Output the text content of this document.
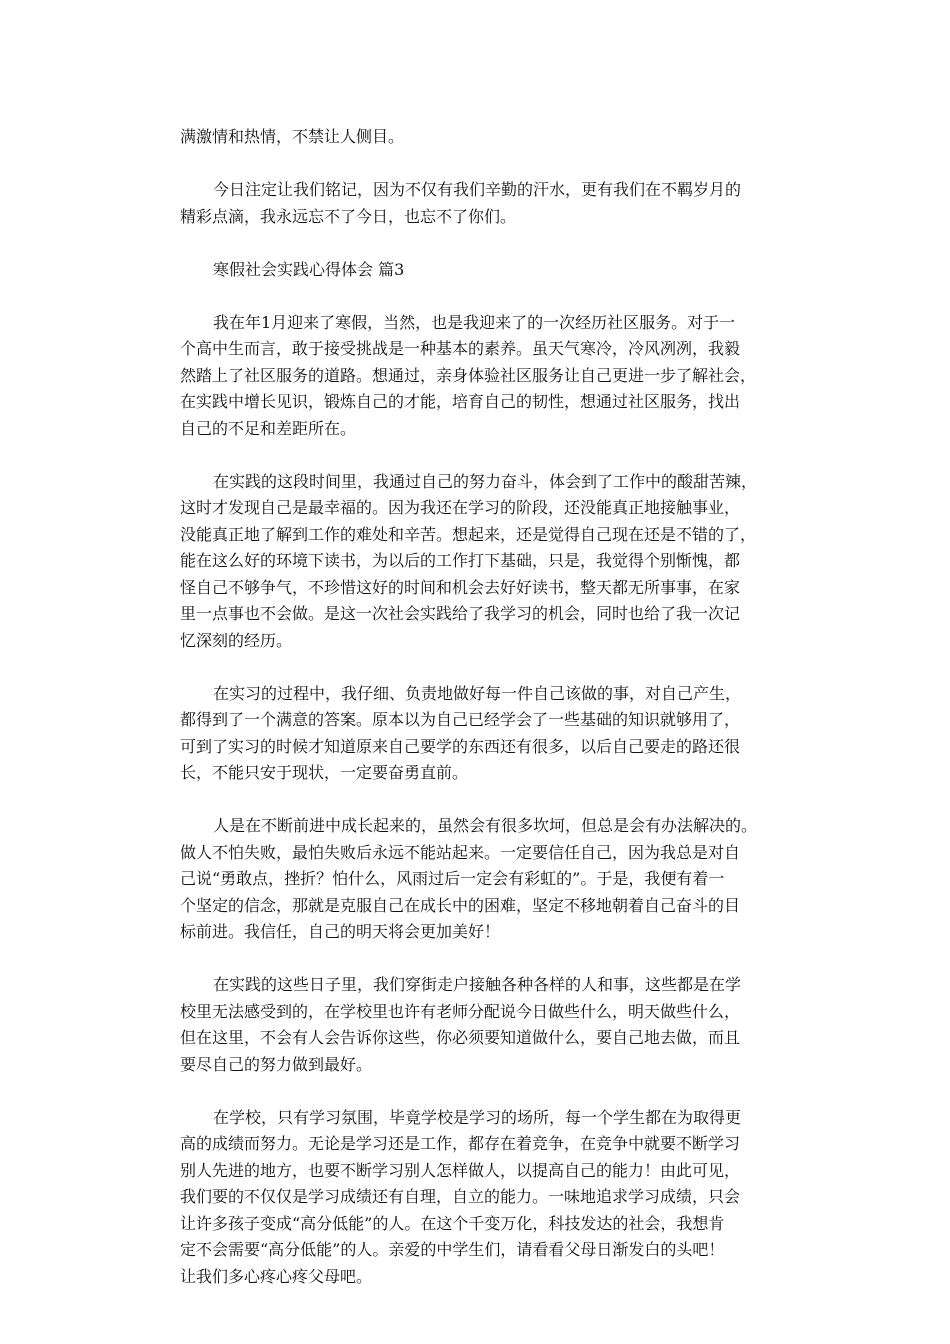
满激情和热情，不禁让人侧目。
今日注定让我们铭记，因为不仅有我们辛勤的汗水，更有我们在不羁岁月的
精彩点滴，我永远忘不了今日，也忘不了你们。
寒假社会实践心得体会 篇3
我在年1月迎来了寒假，当然，也是我迎来了的一次经历社区服务。对于一
个高中生而言，敢于接受挑战是一种基本的素养。虽天气寒冷，冷风冽冽，我毅
然踏上了社区服务的道路。想通过，亲身体验社区服务让自己更进一步了解社会，
在实践中增长见识，锻炼自己的才能，培育自己的韧性，想通过社区服务，找出
自己的不足和差距所在。
在实践的这段时间里，我通过自己的努力奋斗，体会到了工作中的酸甜苦辣，
这时才发现自己是最幸福的。因为我还在学习的阶段，还没能真正地接触事业，
没能真正地了解到工作的难处和辛苦。想起来，还是觉得自己现在还是不错的了，
能在这么好的环境下读书，为以后的工作打下基础，只是，我觉得个别惭愧，都
怪自己不够争气，不珍惜这好的时间和机会去好好读书，整天都无所事事，在家
里一点事也不会做。是这一次社会实践给了我学习的机会，同时也给了我一次记
忆深刻的经历。
在实习的过程中，我仔细、负责地做好每一件自己该做的事，对自己产生，
都得到了一个满意的答案。原本以为自己已经学会了一些基础的知识就够用了，
可到了实习的时候才知道原来自己要学的东西还有很多，以后自己要走的路还很
长，不能只安于现状，一定要奋勇直前。
人是在不断前进中成长起来的，虽然会有很多坎坷，但总是会有办法解决的。
做人不怕失败，最怕失败后永远不能站起来。一定要信任自己，因为我总是对自
己说“勇敢点，挫折？怕什么，风雨过后一定会有彩虹的”。于是，我便有着一
个坚定的信念，那就是克服自己在成长中的困难，坚定不移地朝着自己奋斗的目
标前进。我信任，自己的明天将会更加美好！
在实践的这些日子里，我们穿街走户接触各种各样的人和事，这些都是在学
校里无法感受到的，在学校里也许有老师分配说今日做些什么，明天做些什么，
但在这里，不会有人会告诉你这些，你必须要知道做什么，要自己地去做，而且
要尽自己的努力做到最好。
在学校，只有学习氛围，毕竟学校是学习的场所，每一个学生都在为取得更
高的成绩而努力。无论是学习还是工作，都存在着竞争，在竞争中就要不断学习
别人先进的地方，也要不断学习别人怎样做人，以提高自己的能力！由此可见，
我们要的不仅仅是学习成绩还有自理，自立的能力。一味地追求学习成绩，只会
让许多孩子变成“高分低能”的人。在这个千变万化，科技发达的社会，我想肯
定不会需要“高分低能”的人。亲爱的中学生们，请看看父母日渐发白的头吧！
让我们多心疼心疼父母吧。
